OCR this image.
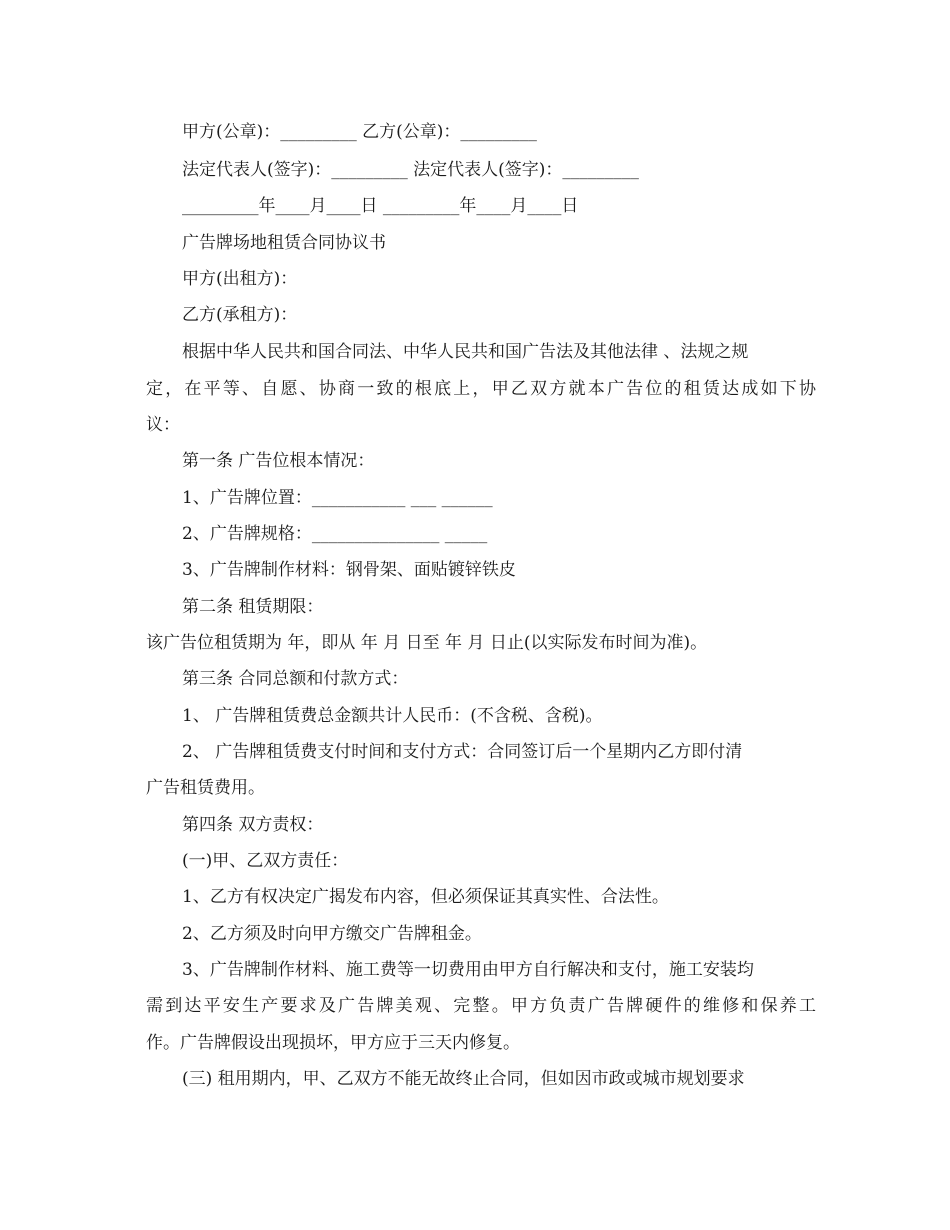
甲方(公章)：_________ 乙方(公章)：_________
法定代表人(签字)：_________ 法定代表人(签字)：_________
_________年____月____日 _________年____月____日
广告牌场地租赁合同协议书
甲方(出租方)：
乙方(承租方)：
根据中华人民共和国合同法、中华人民共和国广告法及其他法律 、法规之规
定，在平等、自愿、协商一致的根底上，甲乙双方就本广告位的租赁达成如下协
议：
第一条 广告位根本情况：
1、广告牌位置：___________ ___ ______
2、广告牌规格：_______________ _____
3、广告牌制作材料：钢骨架、面贴镀锌铁皮
第二条 租赁期限：
该广告位租赁期为 年，即从 年 月 日至 年 月 日止(以实际发布时间为准)。
第三条 合同总额和付款方式：
1、 广告牌租赁费总金额共计人民币：(不含税、含税)。
2、 广告牌租赁费支付时间和支付方式：合同签订后一个星期内乙方即付清
广告租赁费用。
第四条 双方责权：
(一)甲、乙双方责任：
1、乙方有权决定广揭发布内容，但必须保证其真实性、合法性。
2、乙方须及时向甲方缴交广告牌租金。
3、广告牌制作材料、施工费等一切费用由甲方自行解决和支付，施工安装均
需到达平安生产要求及广告牌美观、完整。甲方负责广告牌硬件的维修和保养工
作。广告牌假设出现损坏，甲方应于三天内修复。
(三) 租用期内，甲、乙双方不能无故终止合同，但如因市政或城市规划要求
